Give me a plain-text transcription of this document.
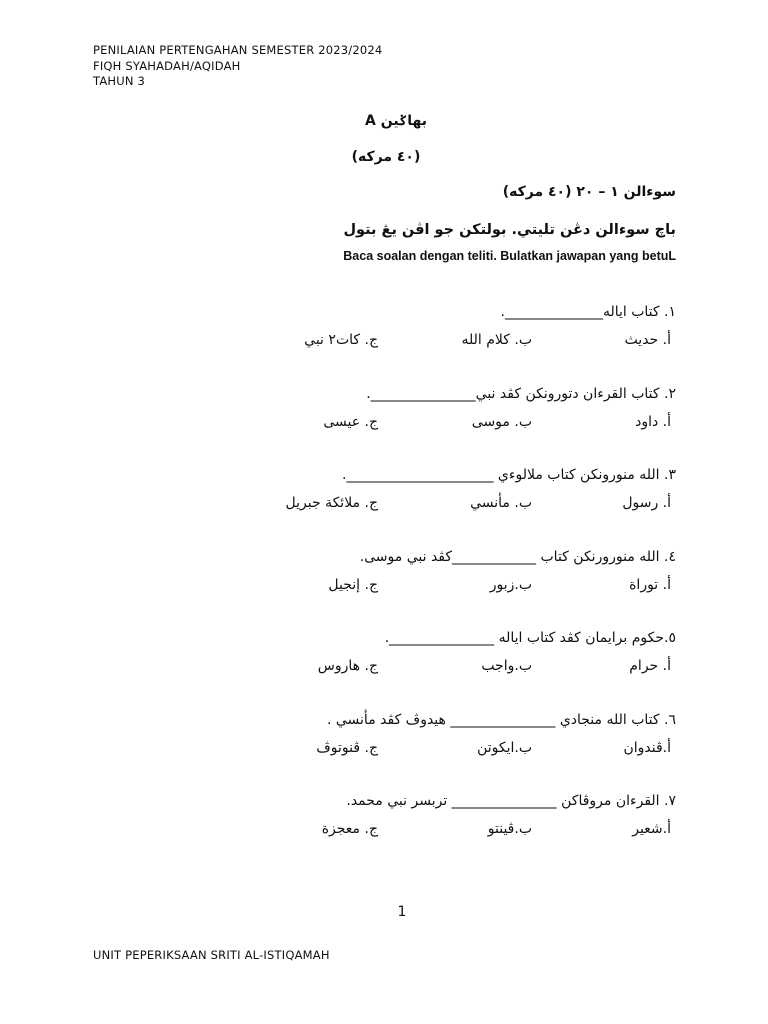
PENILAIAN PERTENGAHAN SEMESTER 2023/2024
FIQH SYAHADAH/AQIDAH
TAHUN 3
بهاݢين A
(٤٠ مركه)
سوءالن ١ – ٢٠ (٤٠ مركه)
باچ سوءالن دڠن تليتي. بولتكن جو اڤن يڠ بتول
Baca soalan dengan teliti. Bulatkan jawapan yang betuL
١. كتاب اياله______________.
أ. حديث
ب. كلام الله
ج. كات٢ نبي
٢. كتاب القرءان دتورونكن كڤد نبي_______________.
أ. داود
ب. موسى
ج. عيسى
٣. الله منورونكن كتاب ملالوءي _____________________.
أ. رسول
ب. مأنسي
ج. ملائكة جبريل
٤. الله منورورنكن كتاب ____________كڤد نبي موسى.
أ. توراة
ب.زبور
ج. إنجيل
٥.حكوم برايمان كڤد كتاب اياله _______________.
أ. حرام
ب.واجب
ج. هاروس
٦. كتاب الله منجادي _______________ هيدوڤ كڤد مأنسي .
أ.ڤندوان
ب.ايكوتن
ج. ڤنوتوڤ
٧. القرءان مروڤاكن _______________ تربسر نبي محمد.
أ.شعير
ب.ڤينتو
ج. معجزة
1
UNIT PEPERIKSAAN SRITI AL-ISTIQAMAH
